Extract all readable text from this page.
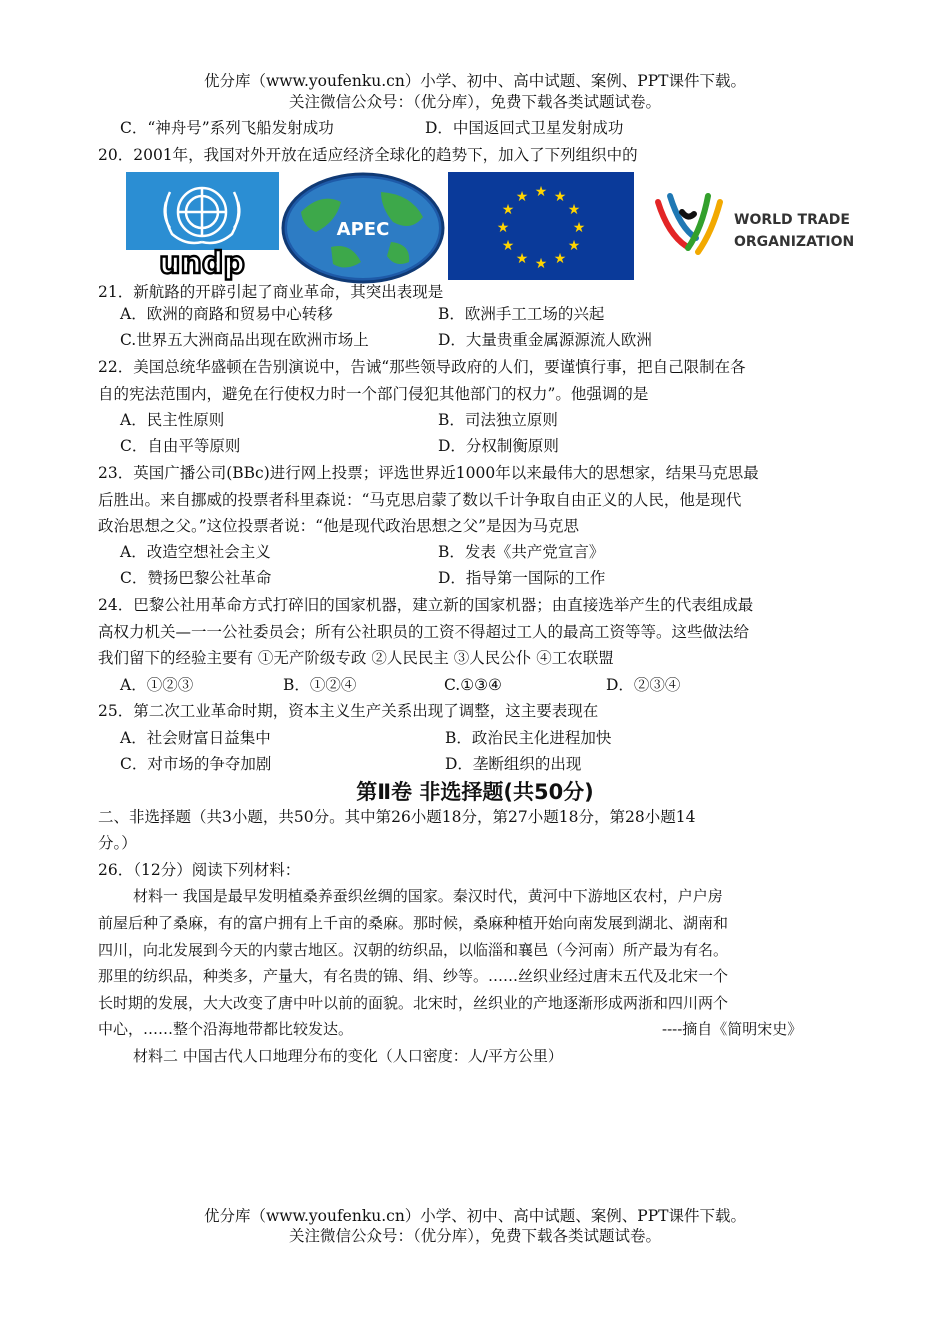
优分库（www.youfenku.cn）小学、初中、高中试题、案例、PPT课件下载。
关注微信公众号：（优分库），免费下载各类试题试卷。
C．“神舟号”系列飞船发射成功	D．中国返回式卫星发射成功
20．2001年，我国对外开放在适应经济全球化的趋势下，加入了下列组织中的
undp
APEC
★ ★
★
★
★
★
★
★
★
★
★
★
WORLD TRADE
ORGANIZATION
21．新航路的开辟引起了商业革命，其突出表现是
A．欧洲的商路和贸易中心转移	B．欧洲手工工场的兴起
C.世界五大洲商品出现在欧洲市场上	D．大量贵重金属源源流人欧洲
22．美国总统华盛顿在告别演说中，告诫“那些领导政府的人们，要谨慎行事，把自己限制在各
自的宪法范围内，避免在行使权力时一个部门侵犯其他部门的权力”。他强调的是
A．民主性原则	B．司法独立原则
C．自由平等原则	D．分权制衡原则
23．英国广播公司(BBc)进行网上投票；评选世界近1000年以来最伟大的思想家，结果马克思最
后胜出。来自挪威的投票者科里森说：“马克思启蒙了数以千计争取自由正义的人民，他是现代
政治思想之父。”这位投票者说：“他是现代政治思想之父”是因为马克思
A．改造空想社会主义	B．发表《共产党宣言》
C．赞扬巴黎公社革命	D．指导第一国际的工作
24．巴黎公社用革命方式打碎旧的国家机器，建立新的国家机器；由直接选举产生的代表组成最
高权力机关—一一公社委员会；所有公社职员的工资不得超过工人的最高工资等等。这些做法给
我们留下的经验主要有 ①无产阶级专政 ②人民民主 ③人民公仆 ④工农联盟
A．①②③	B．①②④	C.①③④	D．②③④
25．第二次工业革命时期，资本主义生产关系出现了调整，这主要表现在
A．社会财富日益集中	B．政治民主化进程加快
C．对市场的争夺加剧	D．垄断组织的出现
第Ⅱ卷 非选择题(共50分)
二、非选择题（共3小题，共50分。其中第26小题18分，第27小题18分，第28小题14
分。）
26．（12分）阅读下列材料：
材料一 我国是最早发明植桑养蚕织丝绸的国家。秦汉时代，黄河中下游地区农村，户户房
前屋后种了桑麻，有的富户拥有上千亩的桑麻。那时候，桑麻种植开始向南发展到湖北、湖南和
四川，向北发展到今天的内蒙古地区。汉朝的纺织品，以临淄和襄邑（今河南）所产最为有名。
那里的纺织品，种类多，产量大，有名贵的锦、绢、纱等。……丝织业经过唐末五代及北宋一个
长时期的发展，大大改变了唐中叶以前的面貌。北宋时，丝织业的产地逐渐形成两浙和四川两个
中心，……整个沿海地带都比较发达。	----摘自《简明宋史》
材料二 中国古代人口地理分布的变化（人口密度：人/平方公里）
优分库（www.youfenku.cn）小学、初中、高中试题、案例、PPT课件下载。
关注微信公众号：（优分库），免费下载各类试题试卷。
